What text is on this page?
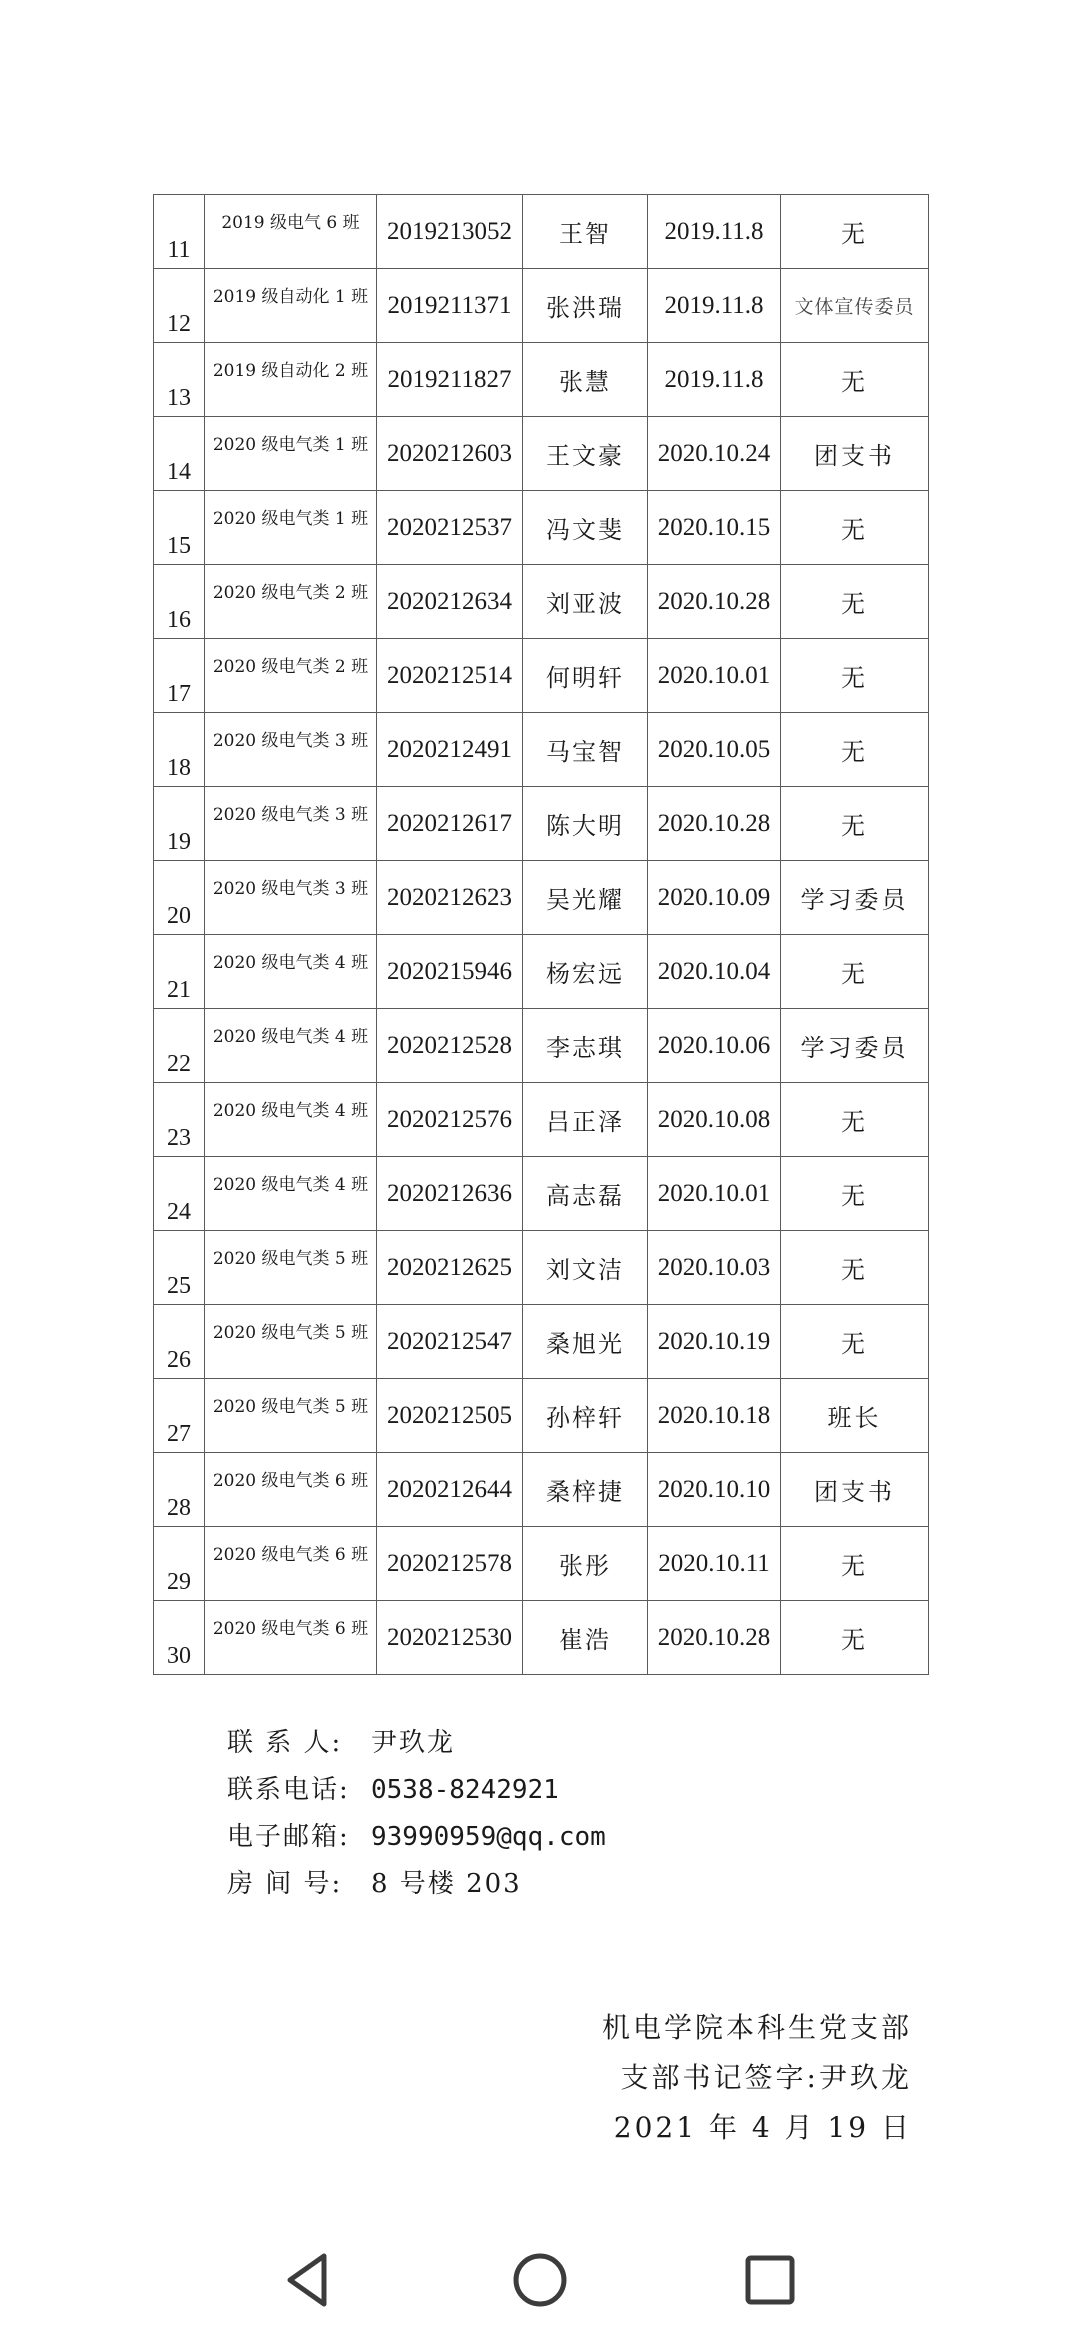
11	2019 级电气 6 班	2019213052	王智	2019.11.8	无
12	2019 级自动化 1 班	2019211371	张洪瑞	2019.11.8	文体宣传委员
13	2019 级自动化 2 班	2019211827	张慧	2019.11.8	无
14	2020 级电气类 1 班	2020212603	王文豪	2020.10.24	团支书
15	2020 级电气类 1 班	2020212537	冯文斐	2020.10.15	无
16	2020 级电气类 2 班	2020212634	刘亚波	2020.10.28	无
17	2020 级电气类 2 班	2020212514	何明轩	2020.10.01	无
18	2020 级电气类 3 班	2020212491	马宝智	2020.10.05	无
19	2020 级电气类 3 班	2020212617	陈大明	2020.10.28	无
20	2020 级电气类 3 班	2020212623	吴光耀	2020.10.09	学习委员
21	2020 级电气类 4 班	2020215946	杨宏远	2020.10.04	无
22	2020 级电气类 4 班	2020212528	李志琪	2020.10.06	学习委员
23	2020 级电气类 4 班	2020212576	吕正泽	2020.10.08	无
24	2020 级电气类 4 班	2020212636	高志磊	2020.10.01	无
25	2020 级电气类 5 班	2020212625	刘文洁	2020.10.03	无
26	2020 级电气类 5 班	2020212547	桑旭光	2020.10.19	无
27	2020 级电气类 5 班	2020212505	孙梓轩	2020.10.18	班长
28	2020 级电气类 6 班	2020212644	桑梓捷	2020.10.10	团支书
29	2020 级电气类 6 班	2020212578	张彤	2020.10.11	无
30	2020 级电气类 6 班	2020212530	崔浩	2020.10.28	无
联 系 人: 尹玖龙
联系电话: 0538-8242921
电子邮箱: 93990959@qq.com
房 间 号: 8 号楼 203
机电学院本科生党支部
支部书记签字:尹玖龙
2021 年 4 月 19 日
